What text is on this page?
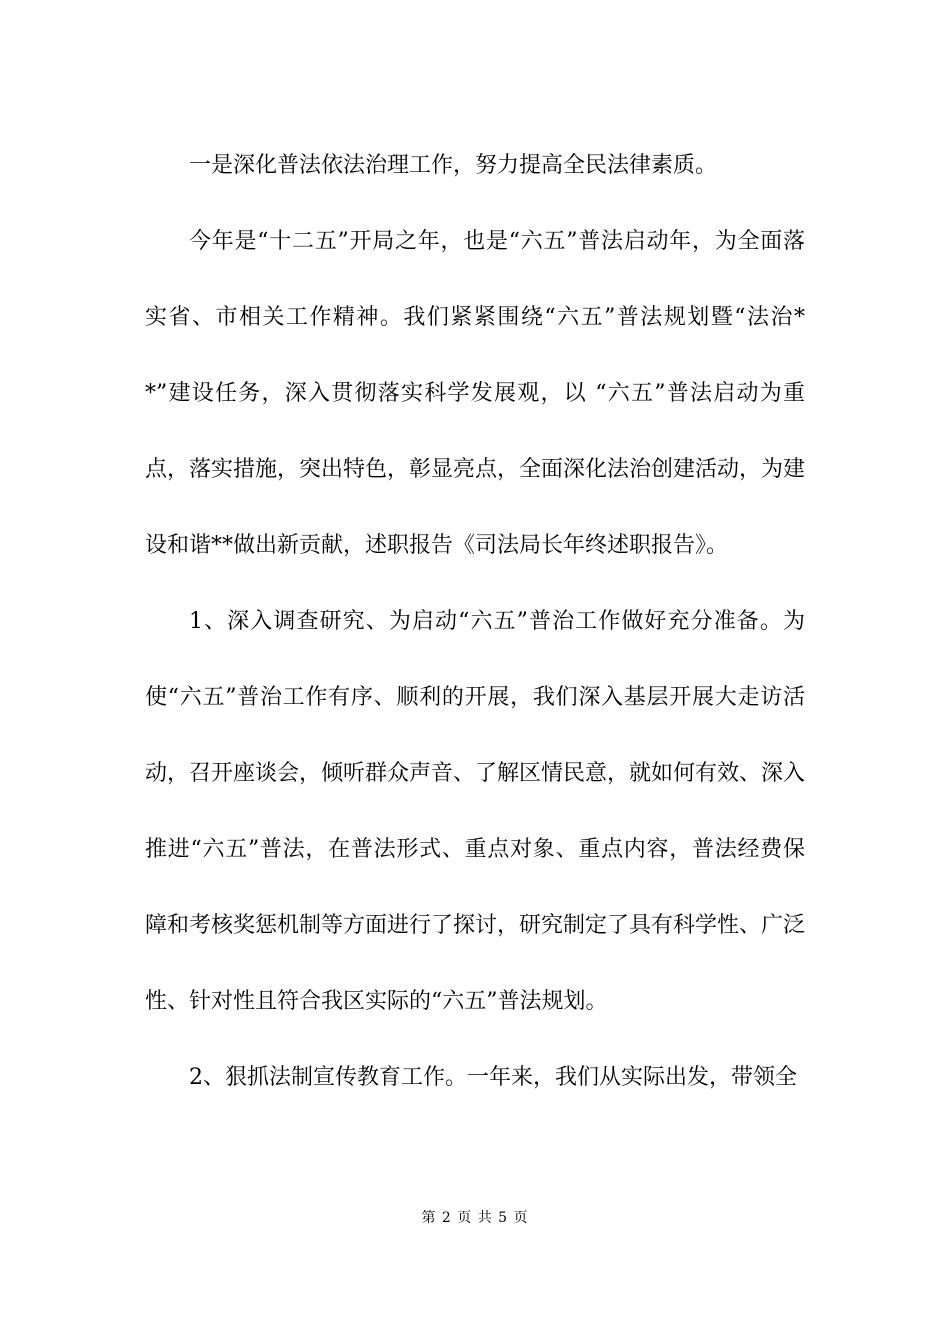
一是深化普法依法治理工作，努力提高全民法律素质。

今年是“十二五”开局之年，也是“六五”普法启动年，为全面落实省、市相关工作精神。我们紧紧围绕“六五”普法规划暨“法治**”建设任务，深入贯彻落实科学发展观，以 “六五”普法启动为重点，落实措施，突出特色，彰显亮点，全面深化法治创建活动，为建设和谐**做出新贡献，述职报告《司法局长年终述职报告》。

1、深入调查研究、为启动“六五”普治工作做好充分准备。为使“六五”普治工作有序、顺利的开展，我们深入基层开展大走访活动，召开座谈会，倾听群众声音、了解区情民意，就如何有效、深入推进“六五”普法，在普法形式、重点对象、重点内容，普法经费保障和考核奖惩机制等方面进行了探讨，研究制定了具有科学性、广泛性、针对性且符合我区实际的“六五”普法规划。

2、狠抓法制宣传教育工作。一年来，我们从实际出发，带领全

第 2 页 共 5 页
